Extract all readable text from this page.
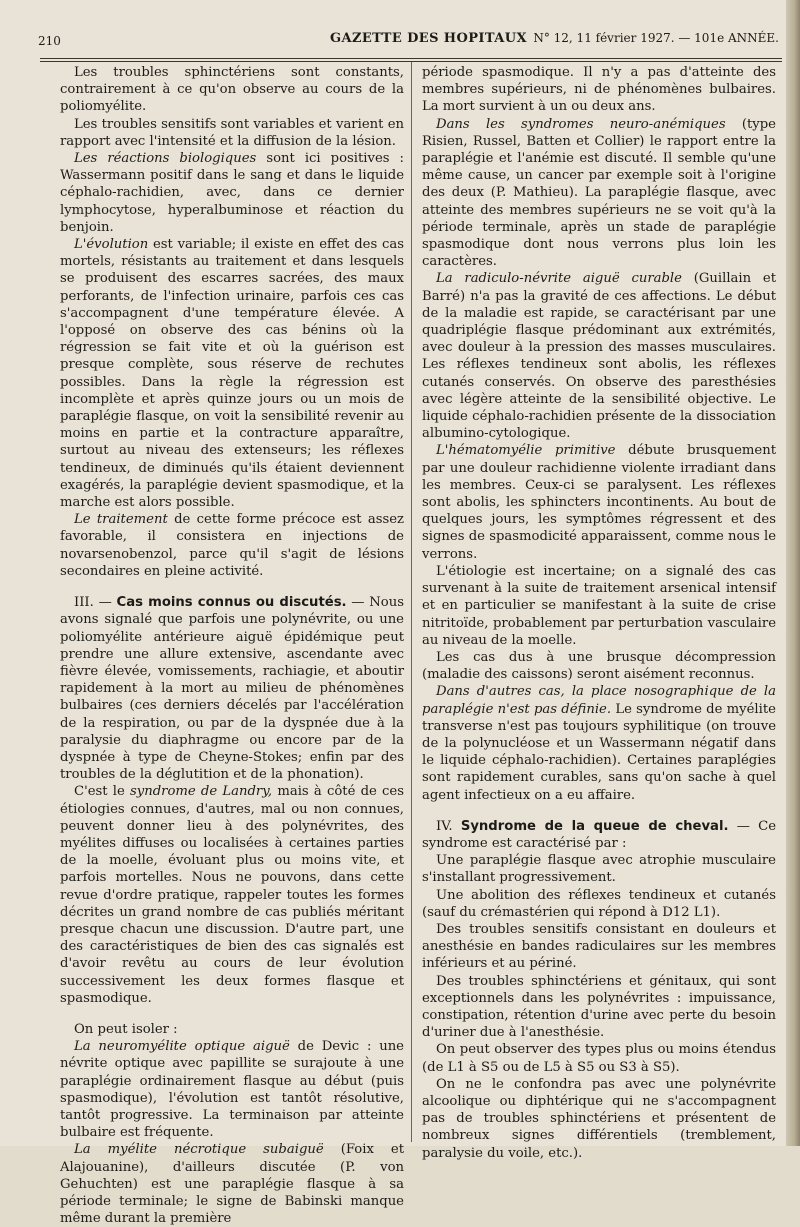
210	GAZETTE DES HOPITAUX N° 12, 11 février 1927. — 101e ANNÉE.

Les troubles sphinctériens sont constants, contrairement à ce qu'on observe au cours de la poliomyélite.

Les troubles sensitifs sont variables et varient en rapport avec l'intensité et la diffusion de la lésion.

Les réactions biologiques sont ici positives : Wassermann positif dans le sang et dans le liquide céphalo-rachidien, avec, dans ce dernier lymphocytose, hyperalbuminose et réaction du benjoin.

L'évolution est variable; il existe en effet des cas mortels, résistants au traitement et dans lesquels se produisent des escarres sacrées, des maux perforants, de l'infection urinaire, parfois ces cas s'accompagnent d'une température élevée. A l'opposé on observe des cas bénins où la régression se fait vite et où la guérison est presque complète, sous réserve de rechutes possibles. Dans la règle la régression est incomplète et après quinze jours ou un mois de paraplégie flasque, on voit la sensibilité revenir au moins en partie et la contracture apparaître, surtout au niveau des extenseurs; les réflexes tendineux, de diminués qu'ils étaient deviennent exagérés, la paraplégie devient spasmodique, et la marche est alors possible.

Le traitement de cette forme précoce est assez favorable, il consistera en injections de novarsenobenzol, parce qu'il s'agit de lésions secondaires en pleine activité.

III. — Cas moins connus ou discutés. — Nous avons signalé que parfois une polynévrite, ou une poliomyélite antérieure aiguë épidémique peut prendre une allure extensive, ascendante avec fièvre élevée, vomissements, rachiagie, et aboutir rapidement à la mort au milieu de phénomènes bulbaires (ces derniers décelés par l'accélération de la respiration, ou par de la dyspnée due à la paralysie du diaphragme ou encore par de la dyspnée à type de Cheyne-Stokes; enfin par des troubles de la déglutition et de la phonation).

C'est le syndrome de Landry, mais à côté de ces étiologies connues, d'autres, mal ou non connues, peuvent donner lieu à des polynévrites, des myélites diffuses ou localisées à certaines parties de la moelle, évoluant plus ou moins vite, et parfois mortelles. Nous ne pouvons, dans cette revue d'ordre pratique, rappeler toutes les formes décrites un grand nombre de cas publiés méritant presque chacun une discussion. D'autre part, une des caractéristiques de bien des cas signalés est d'avoir revêtu au cours de leur évolution successivement les deux formes flasque et spasmodique.

On peut isoler :

La neuromyélite optique aiguë de Devic : une névrite optique avec papillite se surajoute à une paraplégie ordinairement flasque au début (puis spasmodique), l'évolution est tantôt résolutive, tantôt progressive. La terminaison par atteinte bulbaire est fréquente.

La myélite nécrotique subaiguë (Foix et Alajouanine), d'ailleurs discutée (P. von Gehuchten) est une paraplégie flasque à sa période terminale; le signe de Babinski manque même durant la première

période spasmodique. Il n'y a pas d'atteinte des membres supérieurs, ni de phénomènes bulbaires. La mort survient à un ou deux ans.

Dans les syndromes neuro-anémiques (type Risien, Russel, Batten et Collier) le rapport entre la paraplégie et l'anémie est discuté. Il semble qu'une même cause, un cancer par exemple soit à l'origine des deux (P. Mathieu). La paraplégie flasque, avec atteinte des membres supérieurs ne se voit qu'à la période terminale, après un stade de paraplégie spasmodique dont nous verrons plus loin les caractères.

La radiculo-névrite aiguë curable (Guillain et Barré) n'a pas la gravité de ces affections. Le début de la maladie est rapide, se caractérisant par une quadriplégie flasque prédominant aux extrémités, avec douleur à la pression des masses musculaires. Les réflexes tendineux sont abolis, les réflexes cutanés conservés. On observe des paresthésies avec légère atteinte de la sensibilité objective. Le liquide céphalo-rachidien présente de la dissociation albumino-cytologique.

L'hématomyélie primitive débute brusquement par une douleur rachidienne violente irradiant dans les membres. Ceux-ci se paralysent. Les réflexes sont abolis, les sphincters incontinents. Au bout de quelques jours, les symptômes régressent et des signes de spasmodicité apparaissent, comme nous le verrons.

L'étiologie est incertaine; on a signalé des cas survenant à la suite de traitement arsenical intensif et en particulier se manifestant à la suite de crise nitritoïde, probablement par perturbation vasculaire au niveau de la moelle.

Les cas dus à une brusque décompression (maladie des caissons) seront aisément reconnus.

Dans d'autres cas, la place nosographique de la paraplégie n'est pas définie. Le syndrome de myélite transverse n'est pas toujours syphilitique (on trouve de la polynucléose et un Wassermann négatif dans le liquide céphalo-rachidien). Certaines paraplégies sont rapidement curables, sans qu'on sache à quel agent infectieux on a eu affaire.

IV. Syndrome de la queue de cheval. — Ce syndrome est caractérisé par :

Une paraplégie flasque avec atrophie musculaire s'installant progressivement.

Une abolition des réflexes tendineux et cutanés (sauf du crémastérien qui répond à D12 L1).

Des troubles sensitifs consistant en douleurs et anesthésie en bandes radiculaires sur les membres inférieurs et au périné.

Des troubles sphinctériens et génitaux, qui sont exceptionnels dans les polynévrites : impuissance, constipation, rétention d'urine avec perte du besoin d'uriner due à l'anesthésie.

On peut observer des types plus ou moins étendus (de L1 à S5 ou de L5 à S5 ou S3 à S5).

On ne le confondra pas avec une polynévrite alcoolique ou diphtérique qui ne s'accompagnent pas de troubles sphinctériens et présentent de nombreux signes différentiels (tremblement, paralysie du voile, etc.).
